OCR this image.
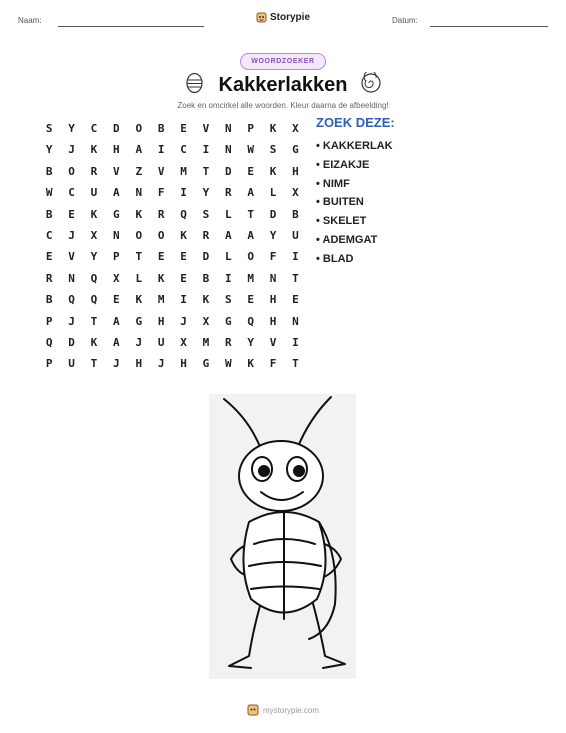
Naam:	Storypie	Datum:
WOORDZOEKER
Kakkerlakken
Zoek en omcirkel alle woorden. Kleur daarna de afbeelding!
S	Y	C	D	O	B	E	V	N	P	K	X
Y	J	K	H	A	I	C	I	N	W	S	G
B	O	R	V	Z	V	M	T	D	E	K	H
W	C	U	A	N	F	I	Y	R	A	L	X
B	E	K	G	K	R	Q	S	L	T	D	B
C	J	X	N	O	O	K	R	A	A	Y	U
E	V	Y	P	T	E	E	D	L	O	F	I
R	N	Q	X	L	K	E	B	I	M	N	T
B	Q	Q	E	K	M	I	K	S	E	H	E
P	J	T	A	G	H	J	X	G	Q	H	N
Q	D	K	A	J	U	X	M	R	Y	V	I
P	U	T	J	H	J	H	G	W	K	F	T
ZOEK DEZE:
• KAKKERLAK
• EIZAKJE
• NIMF
• BUITEN
• SKELET
• ADEMGAT
• BLAD
mystorypie.com
